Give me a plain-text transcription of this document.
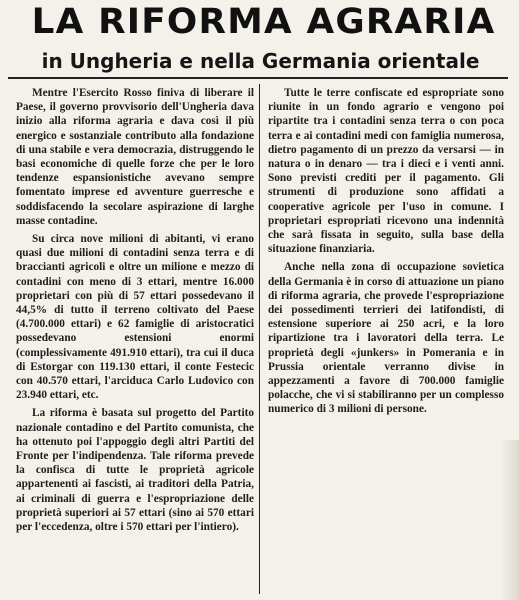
LA RIFORMA AGRARIA
in Ungheria e nella Germania orientale

Mentre l'Esercito Rosso finiva di liberare il Paese, il governo provvisorio dell'Ungheria dava inizio alla riforma agraria e dava così il più energico e sostanziale contributo alla fondazione di una stabile e vera democrazia, distruggendo le basi economiche di quelle forze che per le loro tendenze espansionistiche avevano sempre fomentato imprese ed avventure guerresche e soddisfacendo la secolare aspirazione di larghe masse contadine.

Su circa nove milioni di abitanti, vi erano quasi due milioni di contadini senza terra e di braccianti agricoli e oltre un milione e mezzo di contadini con meno di 3 ettari, mentre 16.000 proprietari con più di 57 ettari possedevano il 44,5% di tutto il terreno coltivato del Paese (4.700.000 ettari) e 62 famiglie di aristocratici possedevano estensioni enormi (complessivamente 491.910 ettari), tra cui il duca di Estorgar con 119.130 ettari, il conte Festecic con 40.570 ettari, l'arciduca Carlo Ludovico con 23.940 ettari, etc.

La riforma è basata sul progetto del Partito nazionale contadino e del Partito comunista, che ha ottenuto poi l'appoggio degli altri Partiti del Fronte per l'indipendenza. Tale riforma prevede la confisca di tutte le proprietà agricole appartenenti ai fascisti, ai traditori della Patria, ai criminali di guerra e l'espropriazione delle proprietà superiori ai 57 ettari (sino ai 570 ettari per l'eccedenza, oltre i 570 ettari per l'intiero).

Tutte le terre confiscate ed espropriate sono riunite in un fondo agrario e vengono poi ripartite tra i contadini senza terra o con poca terra e ai contadini medi con famiglia numerosa, dietro pagamento di un prezzo da versarsi — in natura o in denaro — tra i dieci e i venti anni. Sono previsti crediti per il pagamento. Gli strumenti di produzione sono affidati a cooperative agricole per l'uso in comune. I proprietari espropriati ricevono una indennità che sarà fissata in seguito, sulla base della situazione finanziaria.

Anche nella zona di occupazione sovietica della Germania è in corso di attuazione un piano di riforma agraria, che provede l'espropriazione dei possedimenti terrieri dei latifondisti, di estensione superiore ai 250 acri, e la loro ripartizione tra i lavoratori della terra. Le proprietà degli «junkers» in Pomerania e in Prussia orientale verranno divise in appezzamenti a favore di 700.000 famiglie polacche, che vi si stabiliranno per un complesso numerico di 3 milioni di persone.
